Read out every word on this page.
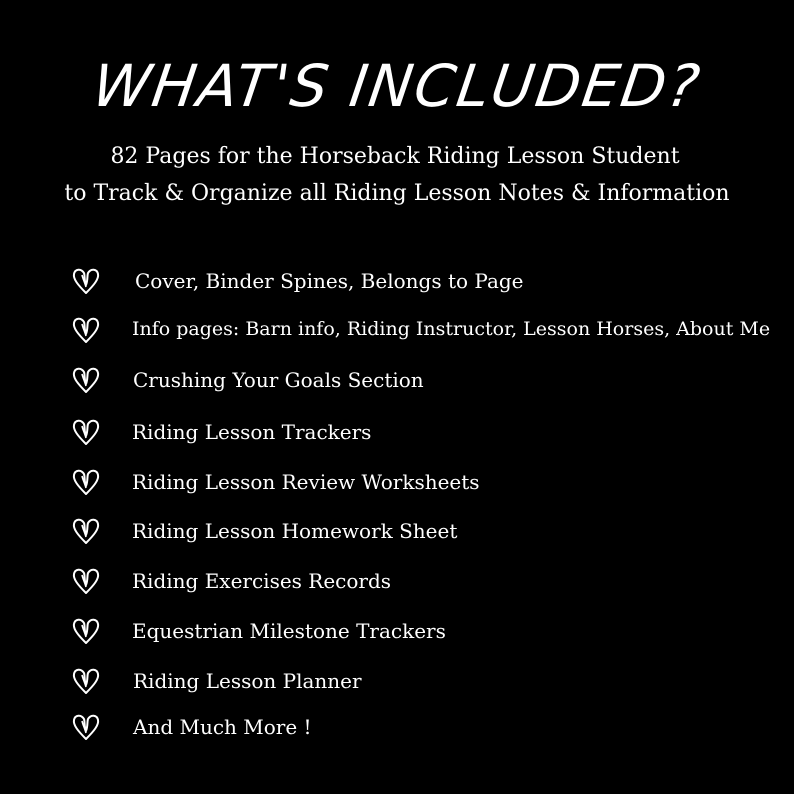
WHAT'S INCLUDED?
82 Pages for the Horseback Riding Lesson Student
to Track & Organize all Riding Lesson Notes & Information
Cover, Binder Spines, Belongs to Page
Info pages: Barn info, Riding Instructor, Lesson Horses, About Me
Crushing Your Goals Section
Riding Lesson Trackers
Riding Lesson Review Worksheets
Riding Lesson Homework Sheet
Riding Exercises Records
Equestrian Milestone Trackers
Riding Lesson Planner
And Much More !
